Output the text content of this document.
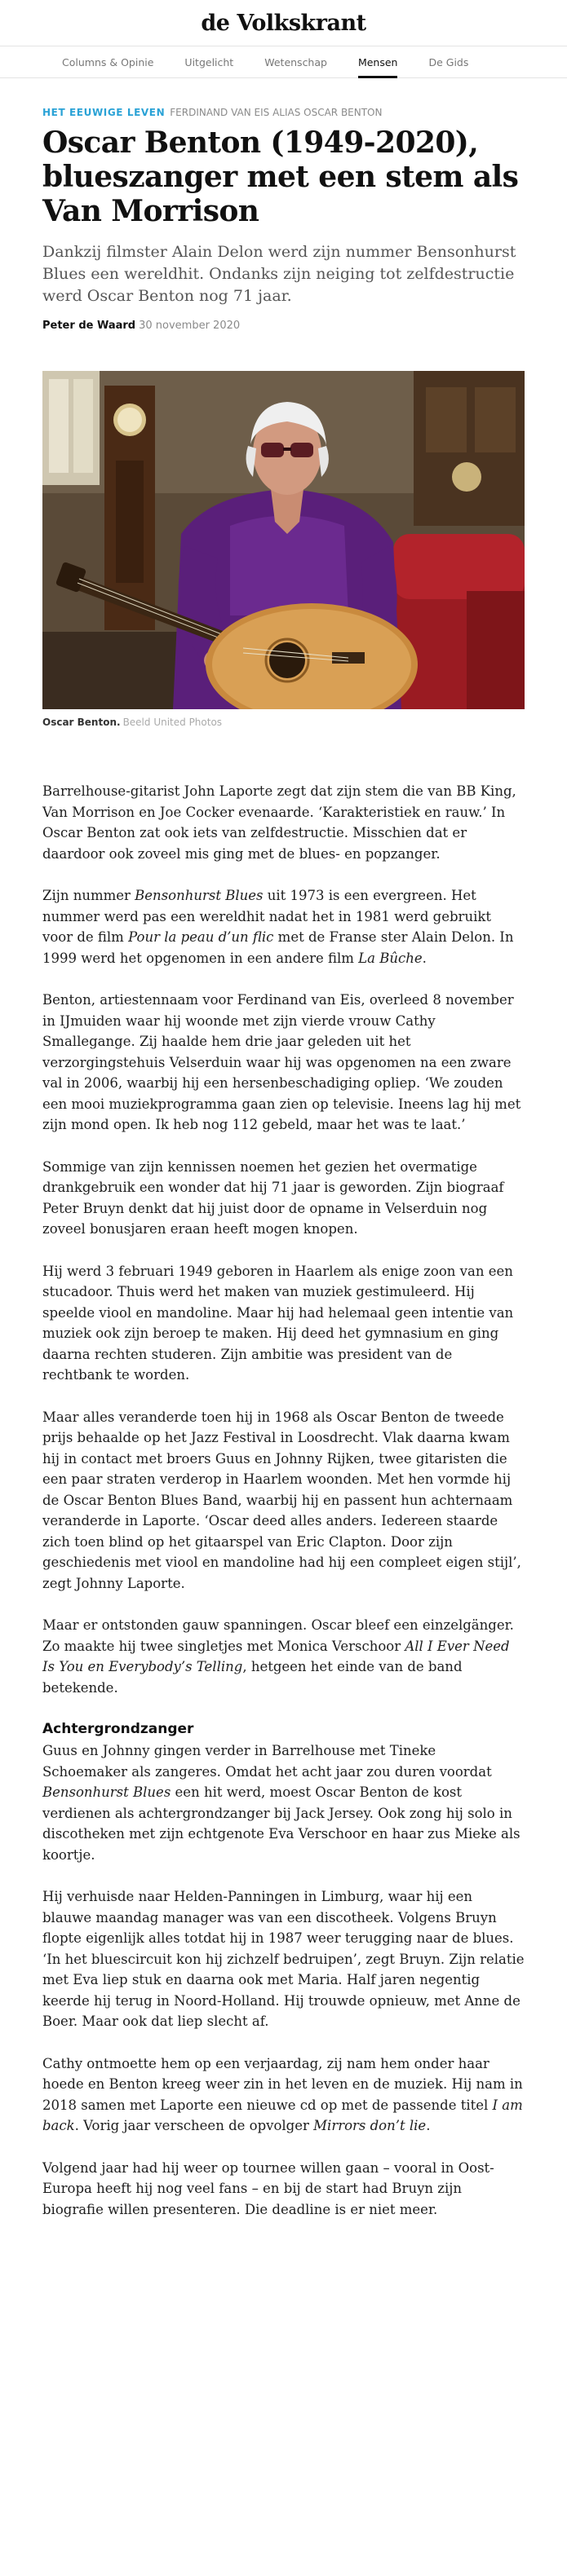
de Volkskrant
Columns & Opinie	Uitgelicht	Wetenschap	Mensen	De Gids
HET EEUWIGE LEVEN FERDINAND VAN EIS ALIAS OSCAR BENTON
Oscar Benton (1949-2020), blueszanger met een stem als Van Morrison

Dankzij filmster Alain Delon werd zijn nummer Bensonhurst Blues een wereldhit. Ondanks zijn neiging tot zelfdestructie werd Oscar Benton nog 71 jaar.

Peter de Waard 30 november 2020
Oscar Benton. Beeld United Photos

Barrelhouse-gitarist John Laporte zegt dat zijn stem die van BB King, Van Morrison en Joe Cocker evenaarde. ‘Karakteristiek en rauw.’ In Oscar Benton zat ook iets van zelfdestructie. Misschien dat er daardoor ook zoveel mis ging met de blues- en popzanger.

Zijn nummer Bensonhurst Blues uit 1973 is een evergreen. Het nummer werd pas een wereldhit nadat het in 1981 werd gebruikt voor de film Pour la peau d’un flic met de Franse ster Alain Delon. In 1999 werd het opgenomen in een andere film La Bûche.

Benton, artiestennaam voor Ferdinand van Eis, overleed 8 november in IJmuiden waar hij woonde met zijn vierde vrouw Cathy Smallegange. Zij haalde hem drie jaar geleden uit het verzorgingstehuis Velserduin waar hij was opgenomen na een zware val in 2006, waarbij hij een hersenbeschadiging opliep. ‘We zouden een mooi muziekprogramma gaan zien op televisie. Ineens lag hij met zijn mond open. Ik heb nog 112 gebeld, maar het was te laat.’

Sommige van zijn kennissen noemen het gezien het overmatige drankgebruik een wonder dat hij 71 jaar is geworden. Zijn biograaf Peter Bruyn denkt dat hij juist door de opname in Velserduin nog zoveel bonusjaren eraan heeft mogen knopen.

Hij werd 3 februari 1949 geboren in Haarlem als enige zoon van een stucadoor. Thuis werd het maken van muziek gestimuleerd. Hij speelde viool en mandoline. Maar hij had helemaal geen intentie van muziek ook zijn beroep te maken. Hij deed het gymnasium en ging daarna rechten studeren. Zijn ambitie was president van de rechtbank te worden.

Maar alles veranderde toen hij in 1968 als Oscar Benton de tweede prijs behaalde op het Jazz Festival in Loosdrecht. Vlak daarna kwam hij in contact met broers Guus en Johnny Rijken, twee gitaristen die een paar straten verderop in Haarlem woonden. Met hen vormde hij de Oscar Benton Blues Band, waarbij hij en passent hun achternaam veranderde in Laporte. ‘Oscar deed alles anders. Iedereen staarde zich toen blind op het gitaarspel van Eric Clapton. Door zijn geschiedenis met viool en mandoline had hij een compleet eigen stijl’, zegt Johnny Laporte.

Maar er ontstonden gauw spanningen. Oscar bleef een einzelgänger. Zo maakte hij twee singletjes met Monica Verschoor All I Ever Need Is You en Everybody’s Telling, hetgeen het einde van de band betekende.

Achtergrondzanger

Guus en Johnny gingen verder in Barrelhouse met Tineke Schoemaker als zangeres. Omdat het acht jaar zou duren voordat Bensonhurst Blues een hit werd, moest Oscar Benton de kost verdienen als achtergrondzanger bij Jack Jersey. Ook zong hij solo in discotheken met zijn echtgenote Eva Verschoor en haar zus Mieke als koortje.

Hij verhuisde naar Helden-Panningen in Limburg, waar hij een blauwe maandag manager was van een discotheek. Volgens Bruyn flopte eigenlijk alles totdat hij in 1987 weer terugging naar de blues. ‘In het bluescircuit kon hij zichzelf bedruipen’, zegt Bruyn. Zijn relatie met Eva liep stuk en daarna ook met Maria. Half jaren negentig keerde hij terug in Noord-Holland. Hij trouwde opnieuw, met Anne de Boer. Maar ook dat liep slecht af.

Cathy ontmoette hem op een verjaardag, zij nam hem onder haar hoede en Benton kreeg weer zin in het leven en de muziek. Hij nam in 2018 samen met Laporte een nieuwe cd op met de passende titel I am back. Vorig jaar verscheen de opvolger Mirrors don’t lie.

Volgend jaar had hij weer op tournee willen gaan – vooral in Oost-Europa heeft hij nog veel fans – en bij de start had Bruyn zijn biografie willen presenteren. Die deadline is er niet meer.
